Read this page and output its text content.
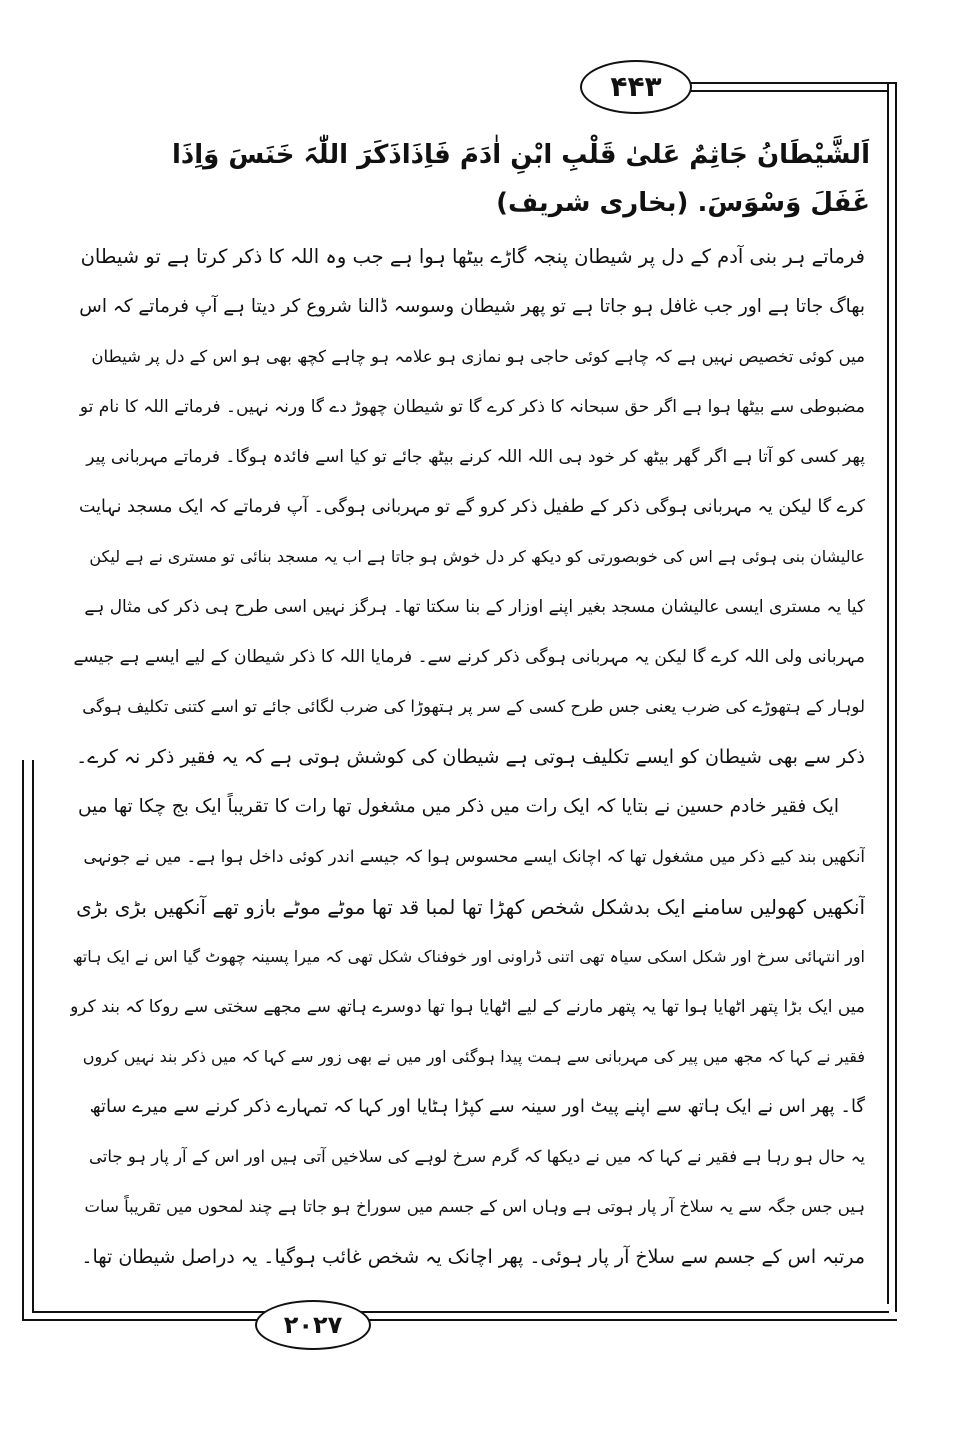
۴۴۳
اَلشَّیْطَانُ جَاثِمٌ عَلیٰ قَلْبِ ابْنِ اٰدَمَ فَاِذَاذَکَرَ اللّٰہَ خَنَسَ وَاِذَا
غَفَلَ وَسْوَسَ. (بخاری شریف)
فرماتے ہر بنی آدم کے دل پر شیطان پنجہ گاڑے بیٹھا ہوا ہے جب وہ اللہ کا ذکر کرتا ہے تو شیطان
بھاگ جاتا ہے اور جب غافل ہو جاتا ہے تو پھر شیطان وسوسہ ڈالنا شروع کر دیتا ہے آپ فرماتے کہ اس
میں کوئی تخصیص نہیں ہے کہ چاہے کوئی حاجی ہو نمازی ہو علامہ ہو چاہے کچھ بھی ہو اس کے دل پر شیطان
مضبوطی سے بیٹھا ہوا ہے اگر حق سبحانہ کا ذکر کرے گا تو شیطان چھوڑ دے گا ورنہ نہیں۔ فرماتے اللہ کا نام تو
پھر کسی کو آتا ہے اگر گھر بیٹھ کر خود ہی اللہ اللہ کرنے بیٹھ جائے تو کیا اسے فائدہ ہوگا۔ فرماتے مہربانی پیر
کرے گا لیکن یہ مہربانی ہوگی ذکر کے طفیل ذکر کرو گے تو مہربانی ہوگی۔ آپ فرماتے کہ ایک مسجد نہایت
عالیشان بنی ہوئی ہے اس کی خوبصورتی کو دیکھ کر دل خوش ہو جاتا ہے اب یہ مسجد بنائی تو مستری نے ہے لیکن
کیا یہ مستری ایسی عالیشان مسجد بغیر اپنے اوزار کے بنا سکتا تھا۔ ہرگز نہیں اسی طرح ہی ذکر کی مثال ہے
مہربانی ولی اللہ کرے گا لیکن یہ مہربانی ہوگی ذکر کرنے سے۔ فرمایا اللہ کا ذکر شیطان کے لیے ایسے ہے جیسے
لوہار کے ہتھوڑے کی ضرب یعنی جس طرح کسی کے سر پر ہتھوڑا کی ضرب لگائی جائے تو اسے کتنی تکلیف ہوگی
ذکر سے بھی شیطان کو ایسے تکلیف ہوتی ہے شیطان کی کوشش ہوتی ہے کہ یہ فقیر ذکر نہ کرے۔
ایک فقیر خادم حسین نے بتایا کہ ایک رات میں ذکر میں مشغول تھا رات کا تقریباً ایک بج چکا تھا میں
آنکھیں بند کیے ذکر میں مشغول تھا کہ اچانک ایسے محسوس ہوا کہ جیسے اندر کوئی داخل ہوا ہے۔ میں نے جونہی
آنکھیں کھولیں سامنے ایک بدشکل شخص کھڑا تھا لمبا قد تھا موٹے موٹے بازو تھے آنکھیں بڑی بڑی
اور انتہائی سرخ اور شکل اسکی سیاہ تھی اتنی ڈراونی اور خوفناک شکل تھی کہ میرا پسینہ چھوٹ گیا اس نے ایک ہاتھ
میں ایک بڑا پتھر اٹھایا ہوا تھا یہ پتھر مارنے کے لیے اٹھایا ہوا تھا دوسرے ہاتھ سے مجھے سختی سے روکا کہ بند کرو
فقیر نے کہا کہ مجھ میں پیر کی مہربانی سے ہمت پیدا ہوگئی اور میں نے بھی زور سے کہا کہ میں ذکر بند نہیں کروں
گا۔ پھر اس نے ایک ہاتھ سے اپنے پیٹ اور سینہ سے کپڑا ہٹایا اور کہا کہ تمہارے ذکر کرنے سے میرے ساتھ
یہ حال ہو رہا ہے فقیر نے کہا کہ میں نے دیکھا کہ گرم سرخ لوہے کی سلاخیں آتی ہیں اور اس کے آر پار ہو جاتی
ہیں جس جگہ سے یہ سلاخ آر پار ہوتی ہے وہاں اس کے جسم میں سوراخ ہو جاتا ہے چند لمحوں میں تقریباً سات
مرتبہ اس کے جسم سے سلاخ آر پار ہوئی۔ پھر اچانک یہ شخص غائب ہوگیا۔ یہ دراصل شیطان تھا۔
۲۰۲۷
